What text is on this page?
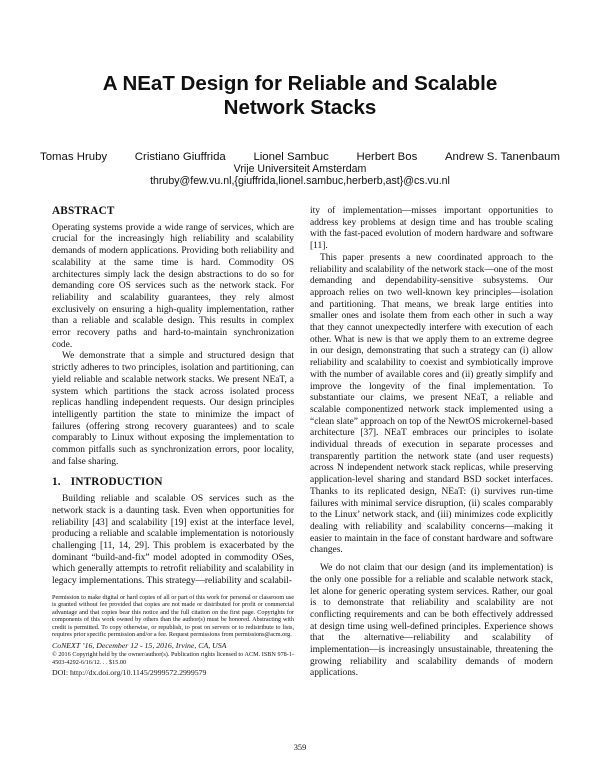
A NEaT Design for Reliable and Scalable
Network Stacks
Tomas Hruby Cristiano Giuffrida Lionel Sambuc Herbert Bos Andrew S. Tanenbaum
Vrije Universiteit Amsterdam
thruby@few.vu.nl,{giuffrida,lionel.sambuc,herberb,ast}@cs.vu.nl
ABSTRACT

Operating systems provide a wide range of services, which are crucial for the increasingly high reliability and scalability demands of modern applications. Providing both reliability and scalability at the same time is hard. Commodity OS architectures simply lack the design abstractions to do so for demanding core OS services such as the network stack. For reliability and scalability guarantees, they rely almost exclusively on ensuring a high-quality implementation, rather than a reliable and scalable design. This results in complex error recovery paths and hard-to-maintain synchronization code.

We demonstrate that a simple and structured design that strictly adheres to two principles, isolation and partitioning, can yield reliable and scalable network stacks. We present NEaT, a system which partitions the stack across isolated process replicas handling independent requests. Our design principles intelligently partition the state to minimize the impact of failures (offering strong recovery guarantees) and to scale comparably to Linux without exposing the implementation to common pitfalls such as synchronization errors, poor locality, and false sharing.

1. INTRODUCTION

Building reliable and scalable OS services such as the network stack is a daunting task. Even when opportunities for reliability [43] and scalability [19] exist at the interface level, producing a reliable and scalable implementation is notoriously challenging [11, 14, 29]. This problem is exacerbated by the dominant “build-and-fix” model adopted in commodity OSes, which generally attempts to retrofit reliability and scalability in legacy implementations. This strategy—reliability and scalabil-

Permission to make digital or hard copies of all or part of this work for personal or classroom use is granted without fee provided that copies are not made or distributed for profit or commercial advantage and that copies bear this notice and the full citation on the first page. Copyrights for components of this work owned by others than the author(s) must be honored. Abstracting with credit is permitted. To copy otherwise, or republish, to post on servers or to redistribute to lists, requires prior specific permission and/or a fee. Request permissions from permissions@acm.org.
CoNEXT ’16, December 12 - 15, 2016, Irvine, CA, USA
© 2016 Copyright held by the owner/author(s). Publication rights licensed to ACM. ISBN 978-1-4503-4292-6/16/12. . . $15.00
DOI: http://dx.doi.org/10.1145/2999572.2999579

ity of implementation—misses important opportunities to address key problems at design time and has trouble scaling with the fast-paced evolution of modern hardware and software [11].

This paper presents a new coordinated approach to the reliability and scalability of the network stack—one of the most demanding and dependability-sensitive subsystems. Our approach relies on two well-known key principles—isolation and partitioning. That means, we break large entities into smaller ones and isolate them from each other in such a way that they cannot unexpectedly interfere with execution of each other. What is new is that we apply them to an extreme degree in our design, demonstrating that such a strategy can (i) allow reliability and scalability to coexist and symbiotically improve with the number of available cores and (ii) greatly simplify and improve the longevity of the final implementation. To substantiate our claims, we present NEaT, a reliable and scalable componentized network stack implemented using a “clean slate” approach on top of the NewtOS microkernel-based architecture [37]. NEaT embraces our principles to isolate individual threads of execution in separate processes and transparently partition the network state (and user requests) across N independent network stack replicas, while preserving application-level sharing and standard BSD socket interfaces. Thanks to its replicated design, NEaT: (i) survives run-time failures with minimal service disruption, (ii) scales comparably to the Linux’ network stack, and (iii) minimizes code explicitly dealing with reliability and scalability concerns—making it easier to maintain in the face of constant hardware and software changes.

We do not claim that our design (and its implementation) is the only one possible for a reliable and scalable network stack, let alone for generic operating system services. Rather, our goal is to demonstrate that reliability and scalability are not conflicting requirements and can be both effectively addressed at design time using well-defined principles. Experience shows that the alternative—reliability and scalability of implementation—is increasingly unsustainable, threatening the growing reliability and scalability demands of modern applications.

359
